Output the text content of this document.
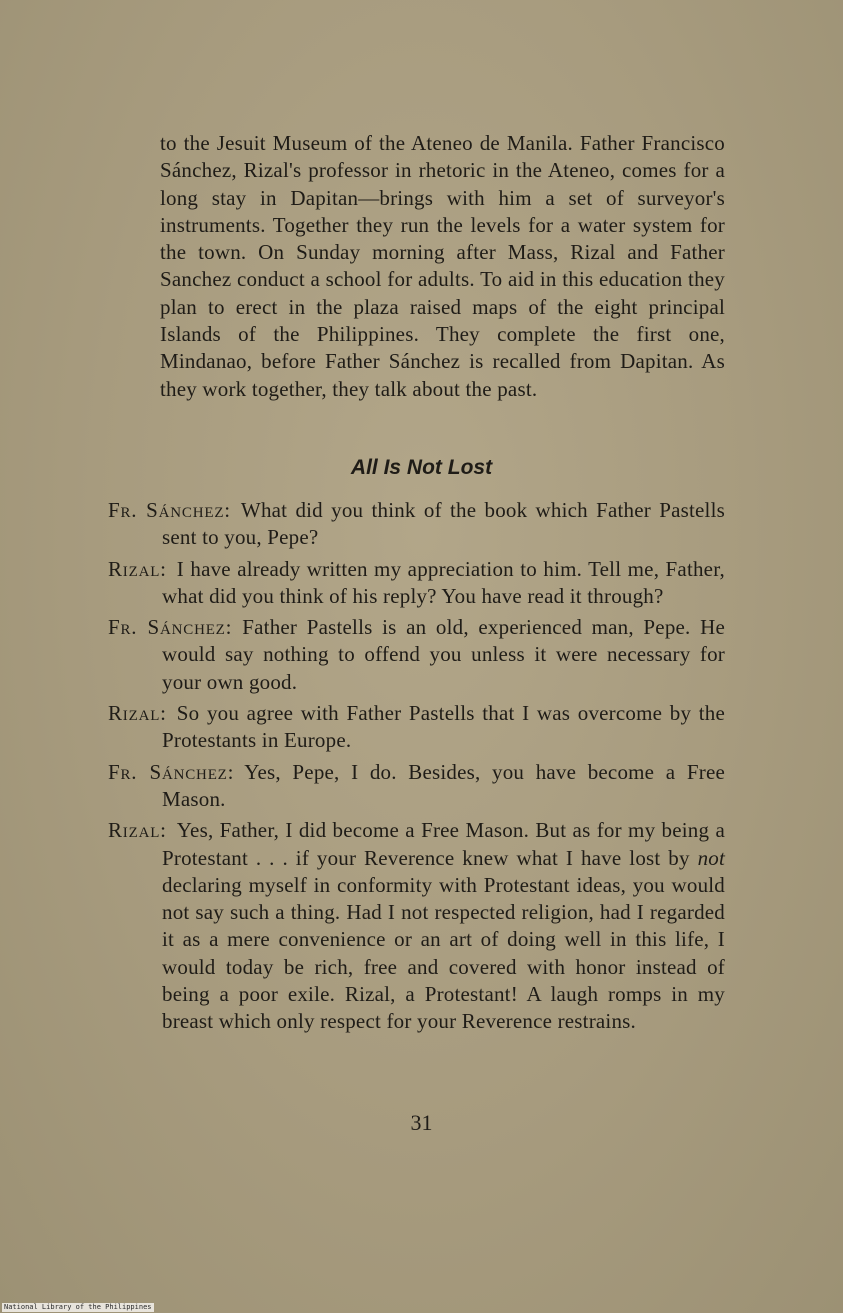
to the Jesuit Museum of the Ateneo de Manila. Father Francisco Sánchez, Rizal's professor in rhetoric in the Ateneo, comes for a long stay in Dapitan—brings with him a set of surveyor's instruments. Together they run the levels for a water system for the town. On Sunday morning after Mass, Rizal and Father Sanchez conduct a school for adults. To aid in this education they plan to erect in the plaza raised maps of the eight principal Islands of the Philippines. They complete the first one, Mindanao, before Father Sánchez is recalled from Dapitan. As they work together, they talk about the past.

All Is Not Lost

Fr. Sánchez: What did you think of the book which Father Pastells sent to you, Pepe?

Rizal: I have already written my appreciation to him. Tell me, Father, what did you think of his reply? You have read it through?

Fr. Sánchez: Father Pastells is an old, experienced man, Pepe. He would say nothing to offend you unless it were necessary for your own good.

Rizal: So you agree with Father Pastells that I was overcome by the Protestants in Europe.

Fr. Sánchez: Yes, Pepe, I do. Besides, you have become a Free Mason.

Rizal: Yes, Father, I did become a Free Mason. But as for my being a Protestant . . . if your Reverence knew what I have lost by not declaring myself in conformity with Protestant ideas, you would not say such a thing. Had I not respected religion, had I regarded it as a mere convenience or an art of doing well in this life, I would today be rich, free and covered with honor instead of being a poor exile. Rizal, a Protestant! A laugh romps in my breast which only respect for your Reverence restrains.

31

National Library of the Philippines
